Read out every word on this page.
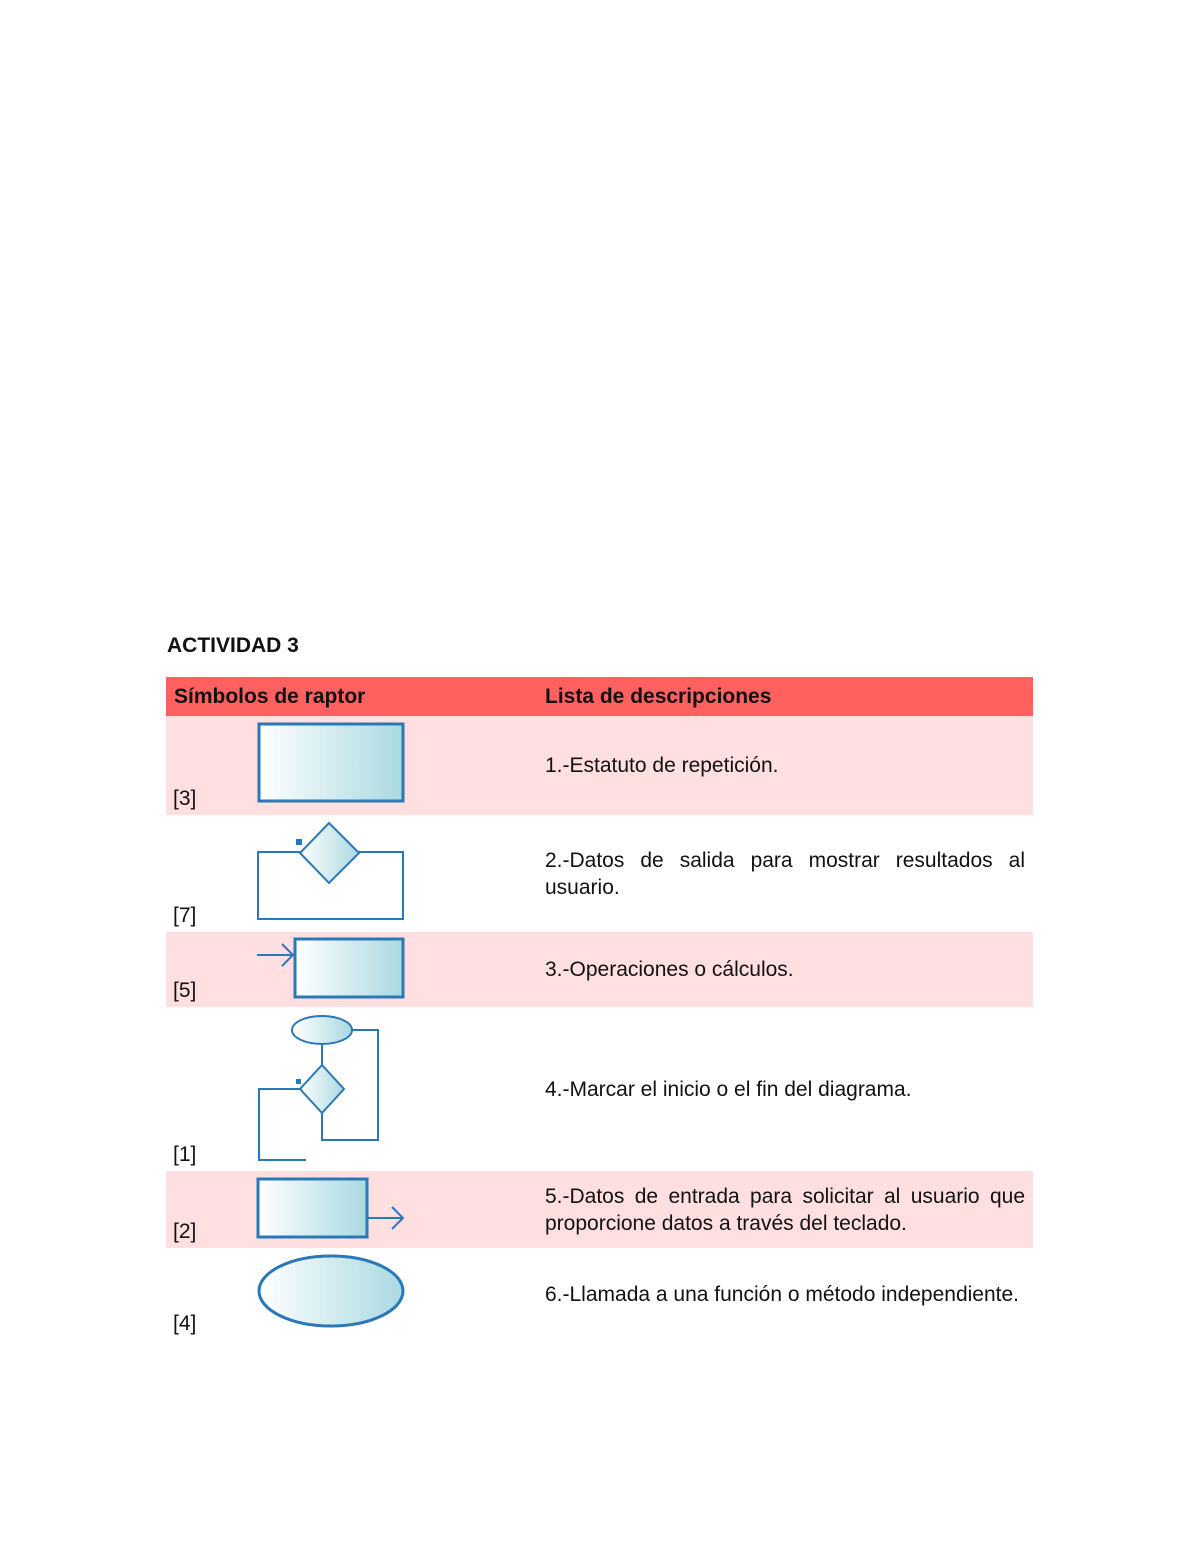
ACTIVIDAD 3
Símbolos de raptor	Lista de descripciones

[3]	1.-Estatuto de repetición.

[7]	2.-Datos de salida para mostrar resultados al usuario.

[5]	3.-Operaciones o cálculos.

[1]	4.-Marcar el inicio o el fin del diagrama.

[2]	5.-Datos de entrada para solicitar al usuario que proporcione datos a través del teclado.

[4]	6.-Llamada a una función o método independiente.
